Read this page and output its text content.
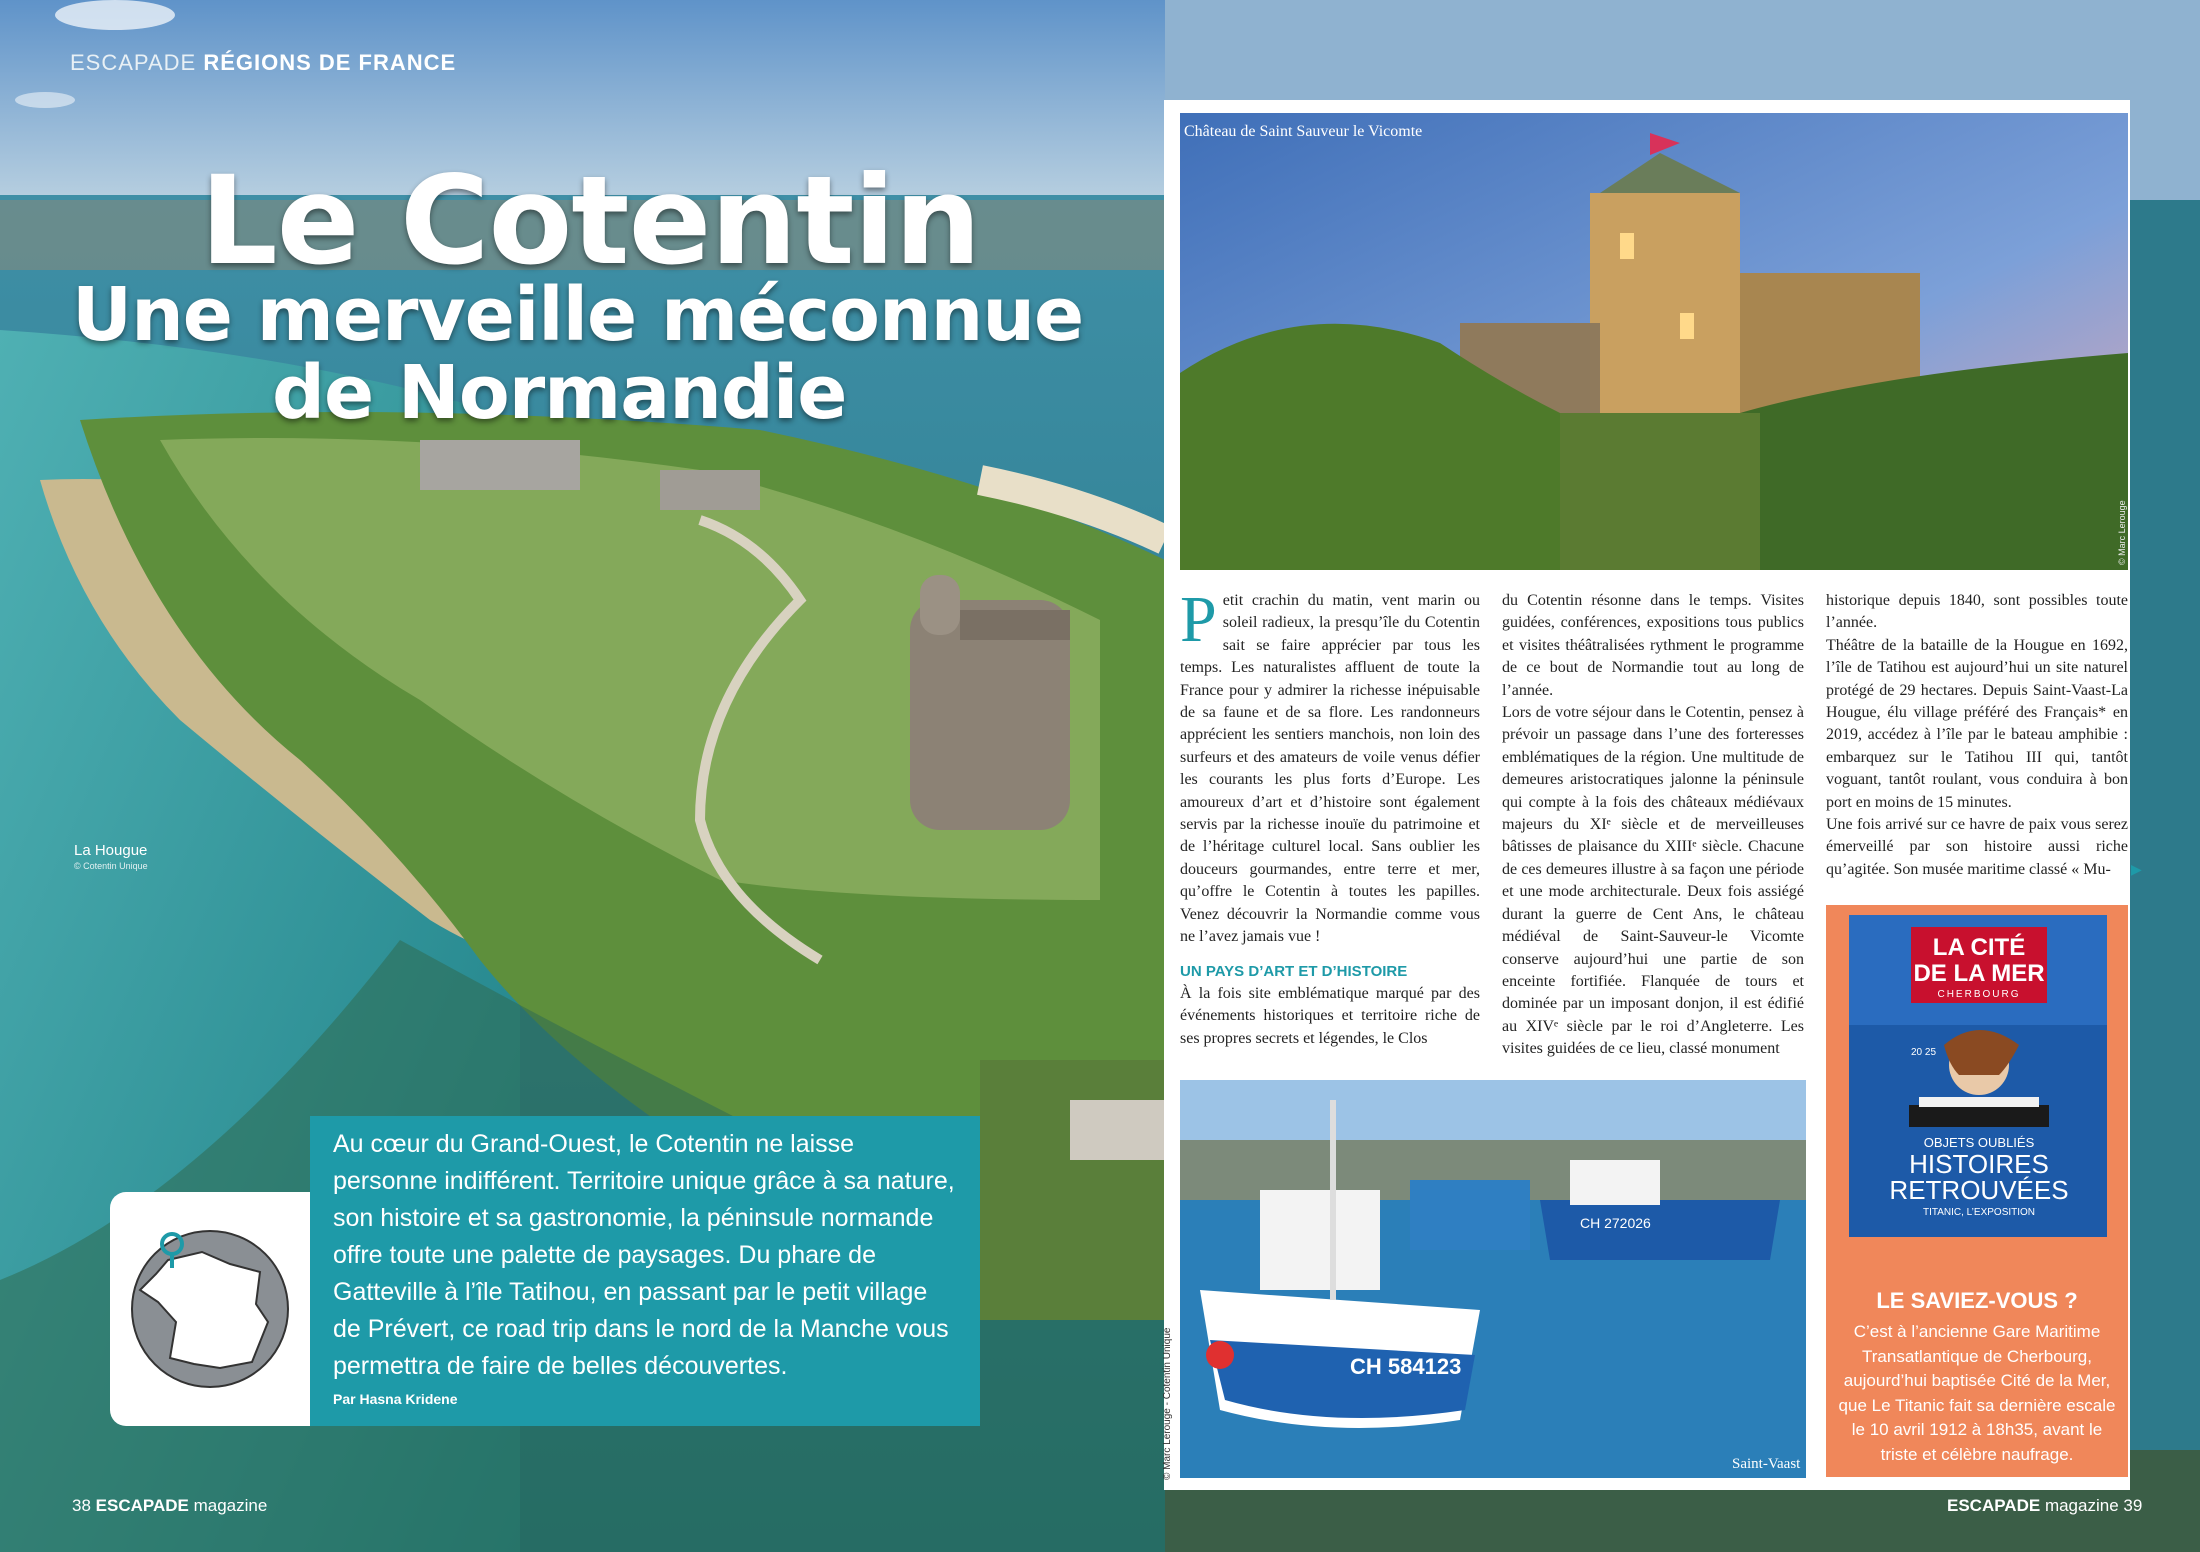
ESCAPADE RÉGIONS DE FRANCE
Le Cotentin
Une merveille méconnue
de Normandie
La Hougue
© Cotentin Unique
Au cœur du Grand-Ouest, le Cotentin ne laisse personne indifférent. Territoire unique grâce à sa nature, son histoire et sa gastronomie, la péninsule normande offre toute une palette de paysages. Du phare de Gatteville à l’île Tatihou, en passant par le petit village de Prévert, ce road trip dans le nord de la Manche vous permettra de faire de belles découvertes.
Par Hasna Kridene
38 ESCAPADE magazine
Château de Saint Sauveur le Vicomte
© Marc Lerouge
P etit crachin du matin, vent marin ou soleil radieux, la presqu’île du Cotentin sait se faire apprécier par tous les temps. Les naturalistes affluent de toute la France pour y admirer la richesse inépuisable de sa faune et de sa flore. Les randonneurs apprécient les sentiers manchois, non loin des surfeurs et des amateurs de voile venus défier les courants les plus forts d’Europe. Les amoureux d’art et d’histoire sont également servis par la richesse inouïe du patrimoine et de l’héritage culturel local. Sans oublier les douceurs gourmandes, entre terre et mer, qu’offre le Cotentin à toutes les papilles. Venez découvrir la Normandie comme vous ne l’avez jamais vue !
UN PAYS D’ART ET D’HISTOIRE
À la fois site emblématique marqué par des événements historiques et territoire riche de ses propres secrets et légendes, le Clos
du Cotentin résonne dans le temps. Visites guidées, conférences, expositions tous publics et visites théâtralisées rythment le programme de ce bout de Normandie tout au long de l’année.
Lors de votre séjour dans le Cotentin, pensez à prévoir un passage dans l’une des forteresses emblématiques de la région. Une multitude de demeures aristocratiques jalonne la péninsule qui compte à la fois des châteaux médiévaux majeurs du XIᵉ siècle et de merveilleuses bâtisses de plaisance du XIIIᵉ siècle. Chacune de ces demeures illustre à sa façon une période et une mode architecturale. Deux fois assiégé durant la guerre de Cent Ans, le château médiéval de Saint-Sauveur-le Vicomte conserve aujourd’hui une partie de son enceinte fortifiée. Flanquée de tours et dominée par un imposant donjon, il est édifié au XIVᵉ siècle par le roi d’Angleterre. Les visites guidées de ce lieu, classé monument
historique depuis 1840, sont possibles toute l’année.
Théâtre de la bataille de la Hougue en 1692, l’île de Tatihou est aujourd’hui un site naturel protégé de 29 hectares. Depuis Saint-Vaast-La Hougue, élu village préféré des Français* en 2019, accédez à l’île par le bateau amphibie : embarquez sur le Tatihou III qui, tantôt voguant, tantôt roulant, vous conduira à bon port en moins de 15 minutes.
Une fois arrivé sur ce havre de paix vous serez émerveillé par son histoire aussi riche qu’agitée. Son musée maritime classé « Mu-	▶
CH 584123
CH 272026
Saint-Vaast
© Marc Lerouge - Cotentin Unique
LA CITÉ
DE LA MER
CHERBOURG
20 25
OBJETS OUBLIÉS
HISTOIRES
RETROUVÉES
TITANIC, L’EXPOSITION
LE SAVIEZ-VOUS ?
C’est à l’ancienne Gare Maritime Transatlantique de Cherbourg, aujourd’hui baptisée Cité de la Mer, que Le Titanic fait sa dernière escale le 10 avril 1912 à 18h35, avant le triste et célèbre naufrage.
ESCAPADE magazine 39
